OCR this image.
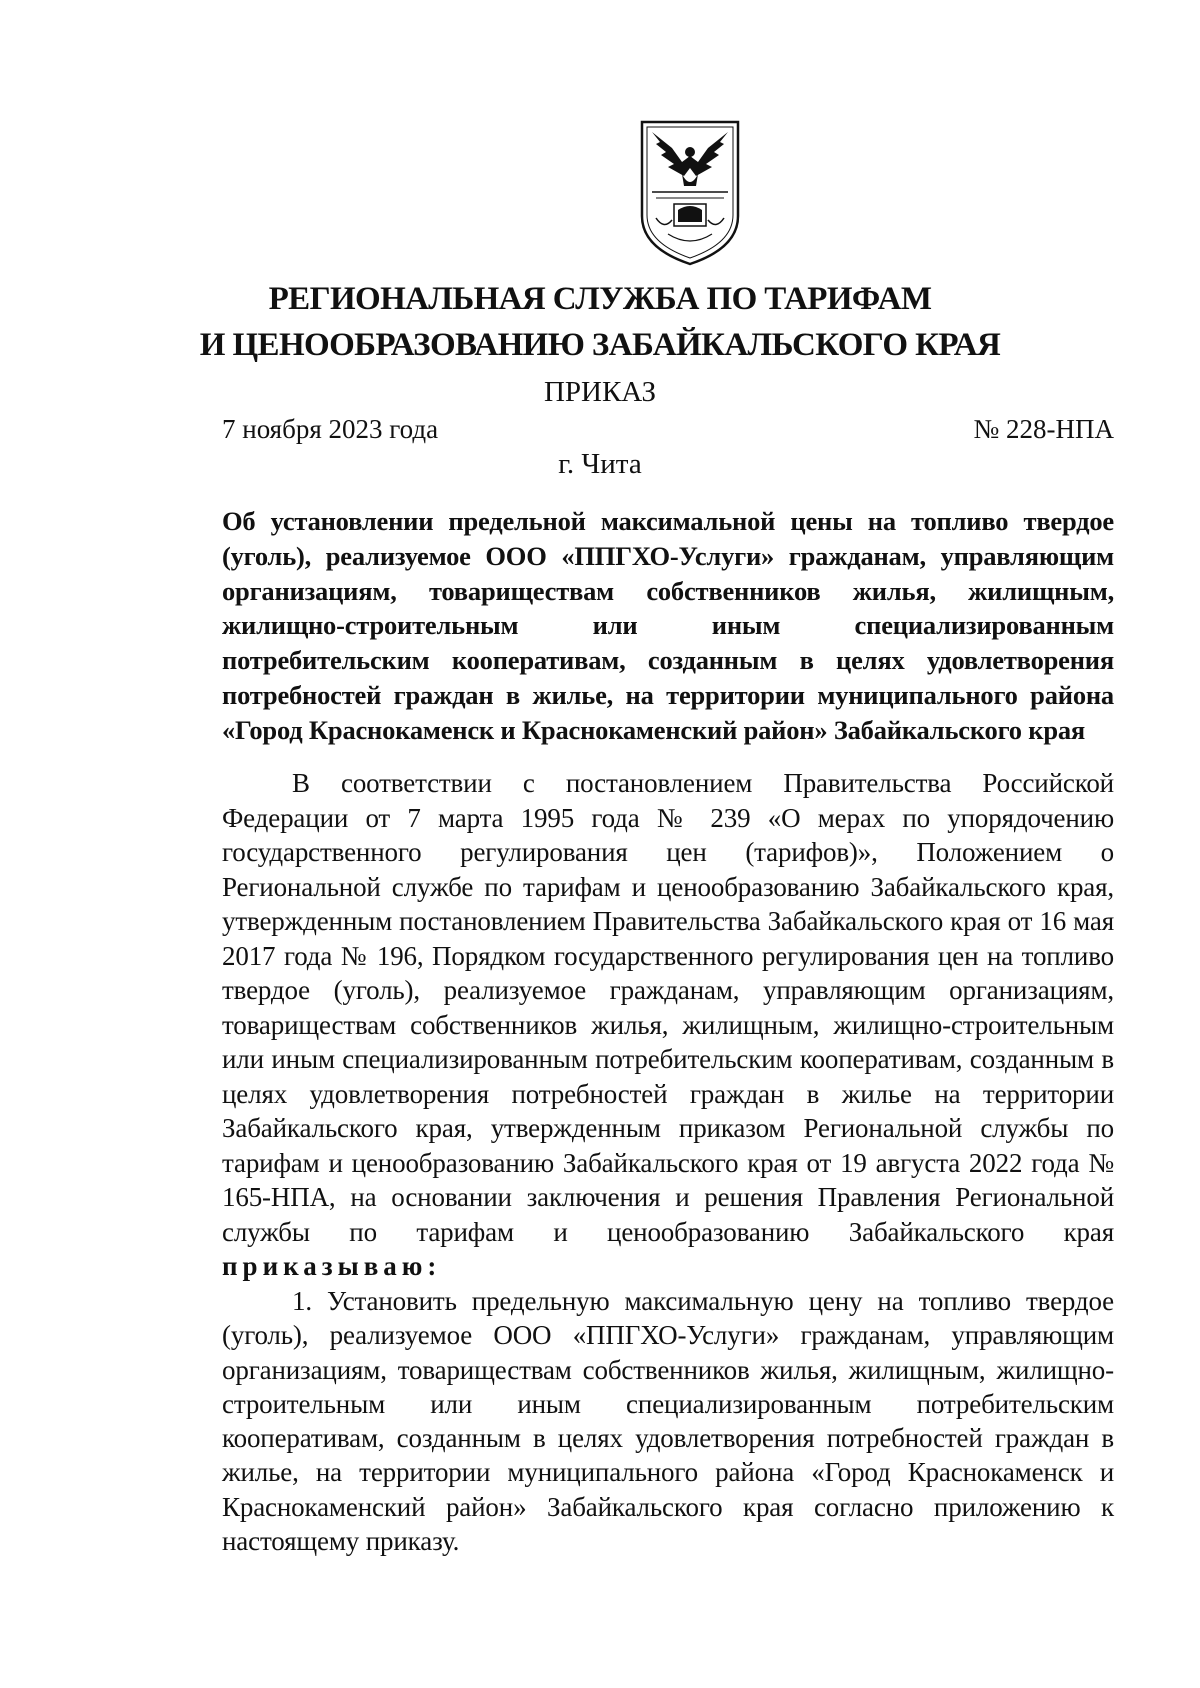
РЕГИОНАЛЬНАЯ СЛУЖБА ПО ТАРИФАМ
И ЦЕНООБРАЗОВАНИЮ ЗАБАЙКАЛЬСКОГО КРАЯ
ПРИКАЗ
7 ноября 2023 года	№ 228-НПА
г. Чита
Об установлении предельной максимальной цены на топливо твердое (уголь), реализуемое ООО «ППГХО-Услуги» гражданам, управляющим организациям, товариществам собственников жилья, жилищным, жилищно-строительным или иным специализированным потребительским кооперативам, созданным в целях удовлетворения потребностей граждан в жилье, на территории муниципального района «Город Краснокаменск и Краснокаменский район» Забайкальского края
В соответствии с постановлением Правительства Российской Федерации от 7 марта 1995 года № 239 «О мерах по упорядочению государственного регулирования цен (тарифов)», Положением о Региональной службе по тарифам и ценообразованию Забайкальского края, утвержденным постановлением Правительства Забайкальского края от 16 мая 2017 года № 196, Порядком государственного регулирования цен на топливо твердое (уголь), реализуемое гражданам, управляющим организациям, товариществам собственников жилья, жилищным, жилищно-строительным или иным специализированным потребительским кооперативам, созданным в целях удовлетворения потребностей граждан в жилье на территории Забайкальского края, утвержденным приказом Региональной службы по тарифам и ценообразованию Забайкальского края от 19 августа 2022 года № 165-НПА, на основании заключения и решения Правления Региональной службы по тарифам и ценообразованию Забайкальского края приказываю:
1. Установить предельную максимальную цену на топливо твердое (уголь), реализуемое ООО «ППГХО-Услуги» гражданам, управляющим организациям, товариществам собственников жилья, жилищным, жилищно-строительным или иным специализированным потребительским кооперативам, созданным в целях удовлетворения потребностей граждан в жилье, на территории муниципального района «Город Краснокаменск и Краснокаменский район» Забайкальского края согласно приложению к настоящему приказу.
